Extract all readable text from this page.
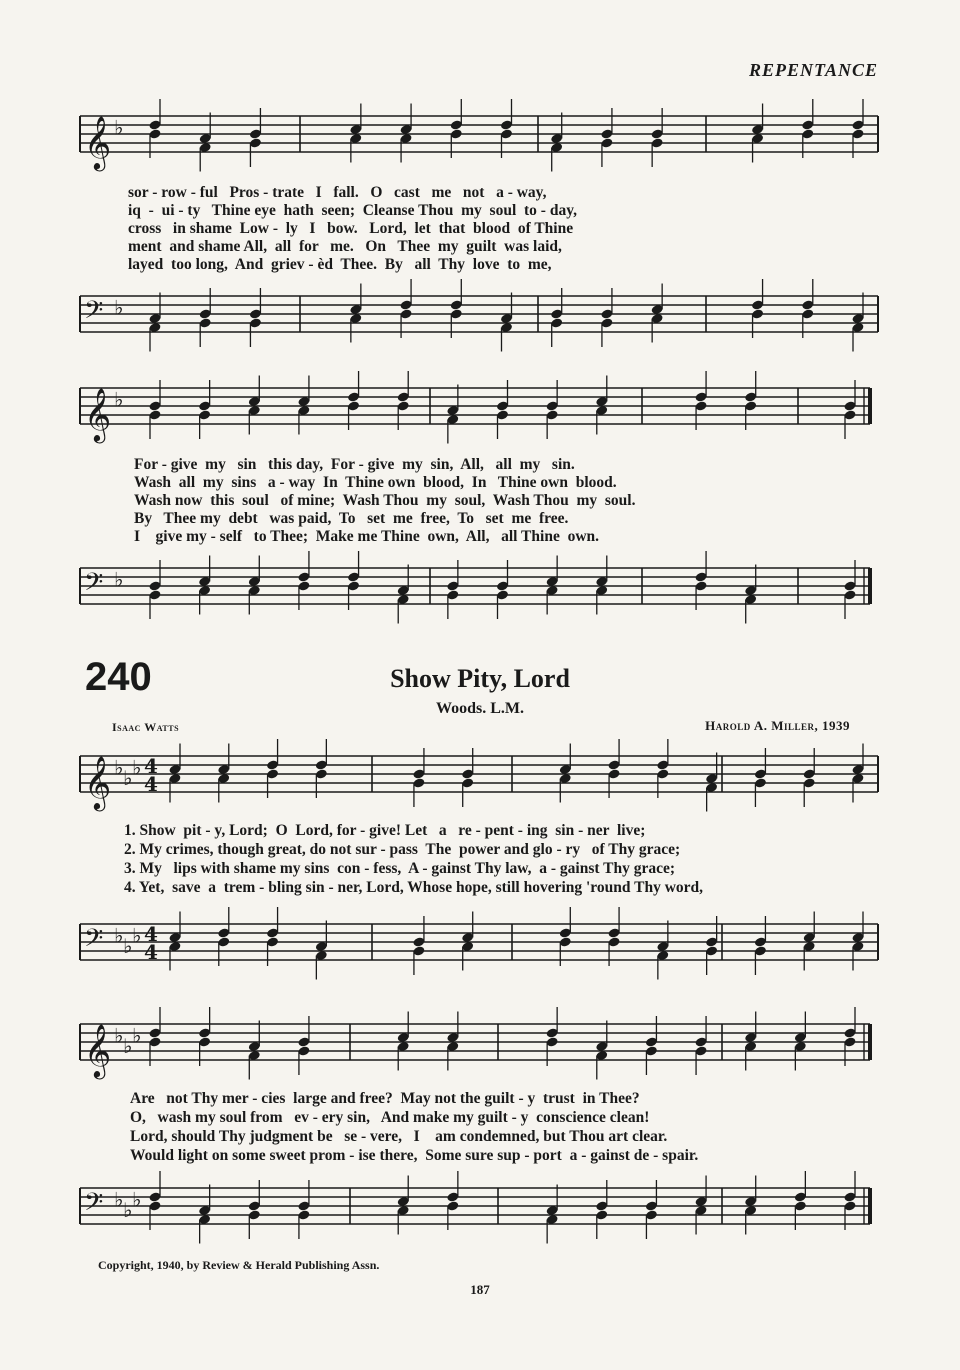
REPENTANCE
240	Show Pity, Lord
Woods. L.M.
Isaac Watts	Harold A. Miller, 1939
𝄞 ♭
𝄢 ♭
𝄞 ♭
𝄢 ♭
𝄞 ♭ ♭ ♭ 4
4
𝄢 ♭ ♭ ♭ 4
4
𝄞 ♭ ♭ ♭
𝄢 ♭ ♭ ♭
sor - row - ful   Pros - trate   I   fall.   O   cast   me   not   a - way,
iq  -  ui - ty   Thine eye  hath  seen;  Cleanse Thou  my  soul  to - day,
cross   in shame  Low -  ly   I   bow.   Lord,  let  that  blood  of Thine
ment  and shame All,  all  for   me.   On   Thee  my  guilt  was laid,
layed  too long,  And  griev - èd  Thee.  By   all  Thy  love  to  me,
For - give  my   sin   this day,  For - give  my  sin,  All,   all  my   sin.
Wash  all  my  sins   a - way  In  Thine own  blood,  In   Thine own  blood.
Wash now  this  soul   of mine;  Wash Thou  my  soul,  Wash Thou  my  soul.
By   Thee my  debt   was paid,  To   set  me  free,  To   set  me  free.
I    give my - self   to Thee;  Make me Thine  own,  All,   all Thine  own.
1. Show  pit - y, Lord;  O  Lord, for - give! Let   a   re - pent - ing  sin - ner  live;
2. My crimes, though great, do not sur - pass  The  power and glo - ry   of Thy grace;
3. My   lips with shame my sins  con - fess,  A - gainst Thy law,  a - gainst Thy grace;
4. Yet,  save  a  trem - bling sin - ner, Lord, Whose hope, still hovering 'round Thy word,
Are   not Thy mer - cies  large and free?  May not the guilt - y  trust  in Thee?
O,   wash my soul from   ev - ery sin,   And make my guilt - y  conscience clean!
Lord, should Thy judgment be   se - vere,   I    am condemned, but Thou art clear.
Would light on some sweet prom - ise there,  Some sure sup - port  a - gainst de - spair.
Copyright, 1940, by Review & Herald Publishing Assn.
187
